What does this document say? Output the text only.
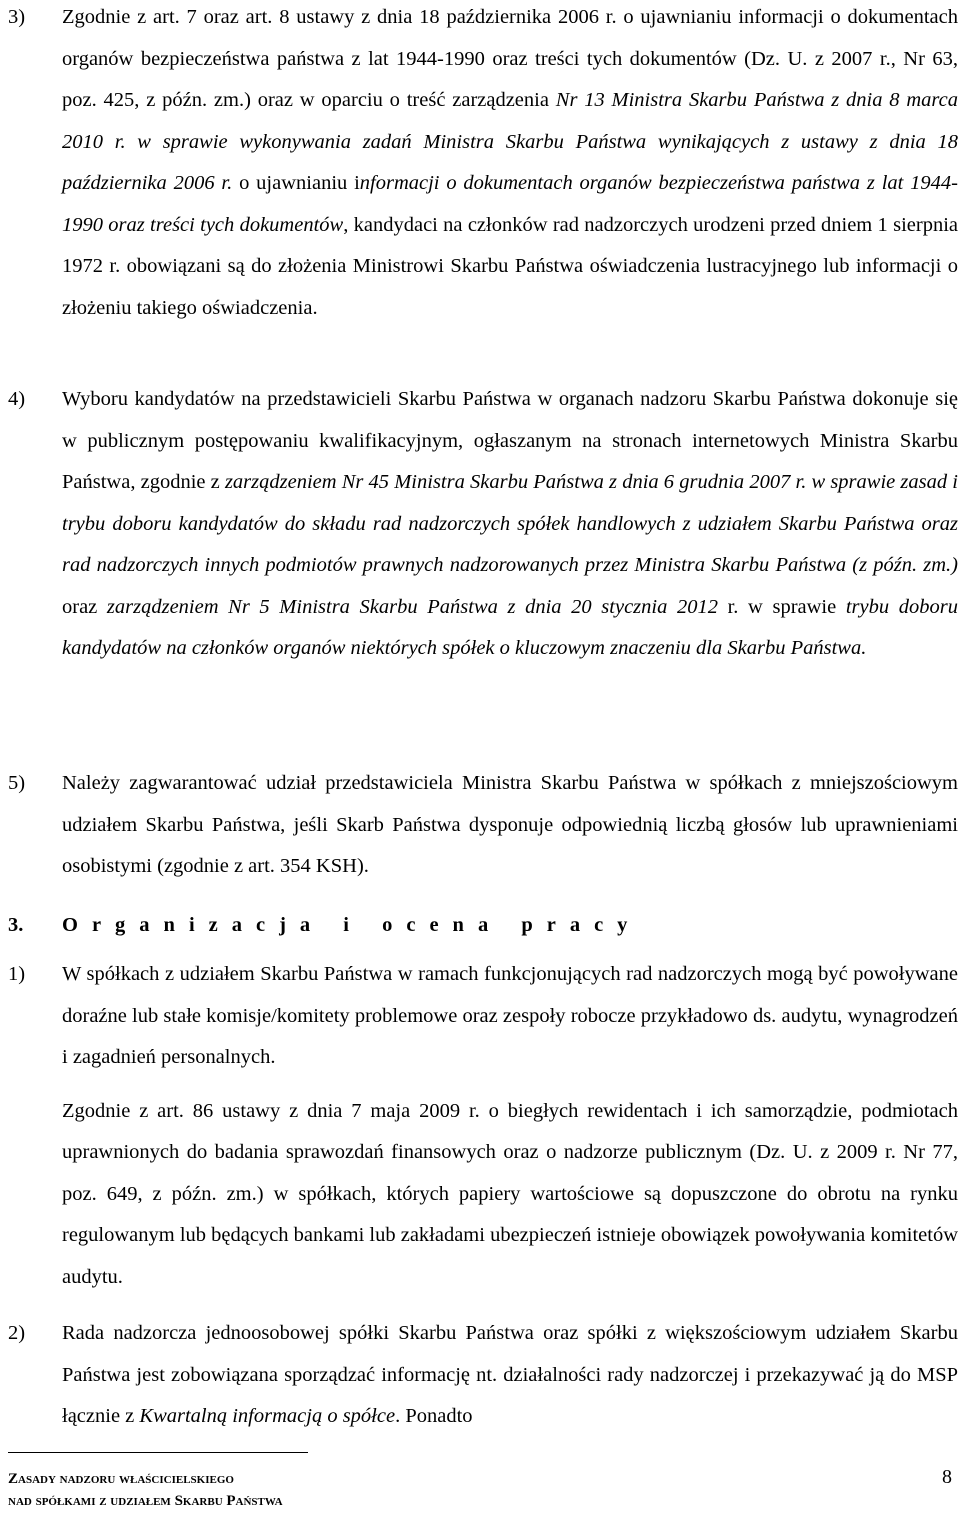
3) Zgodnie z art. 7 oraz art. 8 ustawy z dnia 18 października 2006 r. o ujawnianiu informacji o dokumentach organów bezpieczeństwa państwa z lat 1944-1990 oraz treści tych dokumentów (Dz. U. z 2007 r., Nr 63, poz. 425, z późn. zm.) oraz w oparciu o treść zarządzenia Nr 13 Ministra Skarbu Państwa z dnia 8 marca 2010 r. w sprawie wykonywania zadań Ministra Skarbu Państwa wynikających z ustawy z dnia 18 października 2006 r. o ujawnianiu informacji o dokumentach organów bezpieczeństwa państwa z lat 1944-1990 oraz treści tych dokumentów, kandydaci na członków rad nadzorczych urodzeni przed dniem 1 sierpnia 1972 r. obowiązani są do złożenia Ministrowi Skarbu Państwa oświadczenia lustracyjnego lub informacji o złożeniu takiego oświadczenia.
4) Wyboru kandydatów na przedstawicieli Skarbu Państwa w organach nadzoru Skarbu Państwa dokonuje się w publicznym postępowaniu kwalifikacyjnym, ogłaszanym na stronach internetowych Ministra Skarbu Państwa, zgodnie z zarządzeniem Nr 45 Ministra Skarbu Państwa z dnia 6 grudnia 2007 r. w sprawie zasad i trybu doboru kandydatów do składu rad nadzorczych spółek handlowych z udziałem Skarbu Państwa oraz rad nadzorczych innych podmiotów prawnych nadzorowanych przez Ministra Skarbu Państwa (z późn. zm.) oraz zarządzeniem Nr 5 Ministra Skarbu Państwa z dnia 20 stycznia 2012 r. w sprawie trybu doboru kandydatów na członków organów niektórych spółek o kluczowym znaczeniu dla Skarbu Państwa.
5) Należy zagwarantować udział przedstawiciela Ministra Skarbu Państwa w spółkach z mniejszościowym udziałem Skarbu Państwa, jeśli Skarb Państwa dysponuje odpowiednią liczbą głosów lub uprawnieniami osobistymi (zgodnie z art. 354 KSH).
3. Organizacja i ocena pracy
1) W spółkach z udziałem Skarbu Państwa w ramach funkcjonujących rad nadzorczych mogą być powoływane doraźne lub stałe komisje/komitety problemowe oraz zespoły robocze przykładowo ds. audytu, wynagrodzeń i zagadnień personalnych.
Zgodnie z art. 86 ustawy z dnia 7 maja 2009 r. o biegłych rewidentach i ich samorządzie, podmiotach uprawnionych do badania sprawozdań finansowych oraz o nadzorze publicznym (Dz. U. z 2009 r. Nr 77, poz. 649, z późn. zm.) w spółkach, których papiery wartościowe są dopuszczone do obrotu na rynku regulowanym lub będących bankami lub zakładami ubezpieczeń istnieje obowiązek powoływania komitetów audytu.
2) Rada nadzorcza jednoosobowej spółki Skarbu Państwa oraz spółki z większościowym udziałem Skarbu Państwa jest zobowiązana sporządzać informację nt. działalności rady nadzorczej i przekazywać ją do MSP łącznie z Kwartalną informacją o spółce. Ponadto
Zasady nadzoru właścicielskiego
nad spółkami z udziałem Skarbu Państwa
8
